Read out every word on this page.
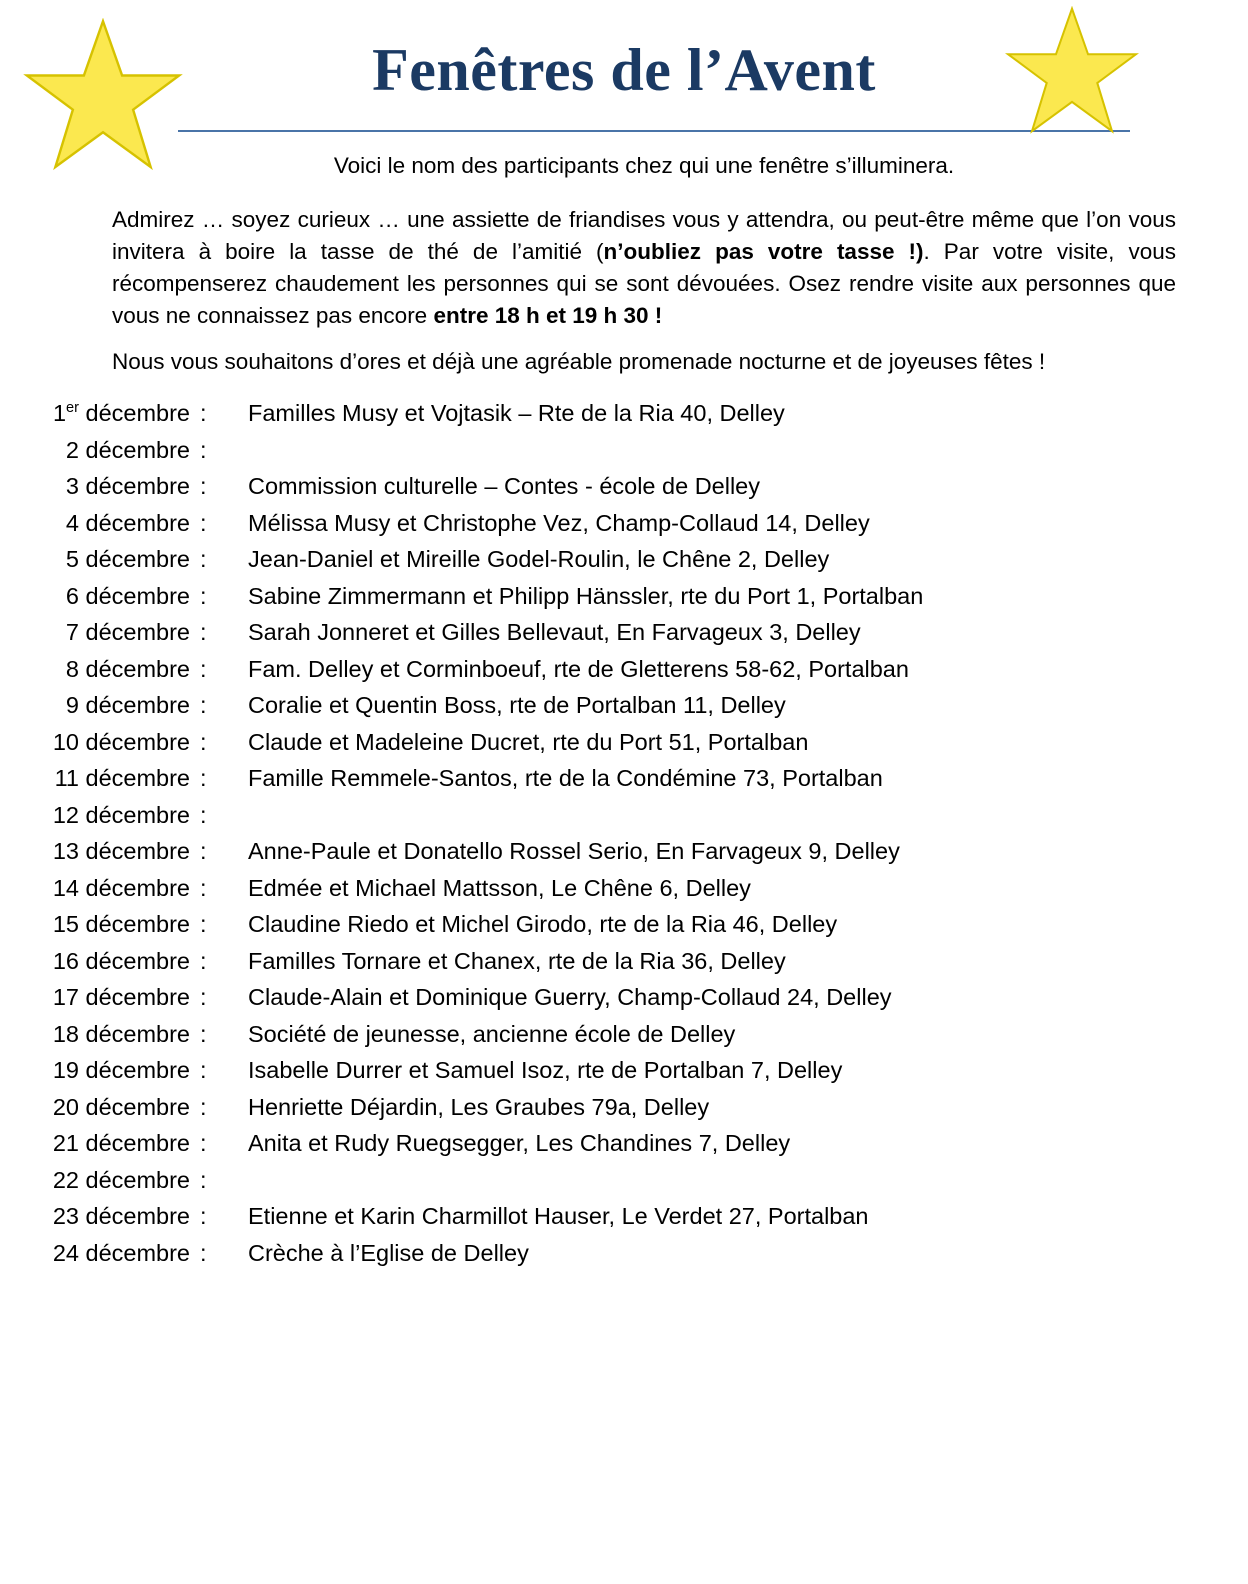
Fenêtres de l’Avent

Voici le nom des participants chez qui une fenêtre s’illuminera.

Admirez … soyez curieux … une assiette de friandises vous y attendra, ou peut-être même que l’on vous invitera à boire la tasse de thé de l’amitié (n’oubliez pas votre tasse !). Par votre visite, vous récompenserez chaudement les personnes qui se sont dévouées. Osez rendre visite aux personnes que vous ne connaissez pas encore entre 18 h et 19 h 30 !

Nous vous souhaitons d’ores et déjà une agréable promenade nocturne et de joyeuses fêtes !

1er décembre :	Familles Musy et Vojtasik – Rte de la Ria 40, Delley
2 décembre :
3 décembre :	Commission culturelle – Contes - école de Delley
4 décembre :	Mélissa Musy et Christophe Vez, Champ-Collaud 14, Delley
5 décembre :	Jean-Daniel et Mireille Godel-Roulin, le Chêne 2, Delley
6 décembre :	Sabine Zimmermann et Philipp Hänssler, rte du Port 1, Portalban
7 décembre :	Sarah Jonneret et Gilles Bellevaut, En Farvageux 3, Delley
8 décembre :	Fam. Delley et Corminboeuf, rte de Gletterens 58-62, Portalban
9 décembre :	Coralie et Quentin Boss, rte de Portalban 11, Delley
10 décembre :	Claude et Madeleine Ducret, rte du Port 51, Portalban
11 décembre :	Famille Remmele-Santos, rte de la Condémine 73, Portalban
12 décembre :
13 décembre :	Anne-Paule et Donatello Rossel Serio, En Farvageux 9, Delley
14 décembre :	Edmée et Michael Mattsson, Le Chêne 6, Delley
15 décembre :	Claudine Riedo et Michel Girodo, rte de la Ria 46, Delley
16 décembre :	Familles Tornare et Chanex, rte de la Ria 36, Delley
17 décembre :	Claude-Alain et Dominique Guerry, Champ-Collaud 24, Delley
18 décembre :	Société de jeunesse, ancienne école de Delley
19 décembre :	Isabelle Durrer et Samuel Isoz, rte de Portalban 7, Delley
20 décembre :	Henriette Déjardin, Les Graubes 79a, Delley
21 décembre :	Anita et Rudy Ruegsegger, Les Chandines 7, Delley
22 décembre :
23 décembre :	Etienne et Karin Charmillot Hauser, Le Verdet 27, Portalban
24 décembre :	Crèche à l’Eglise de Delley
